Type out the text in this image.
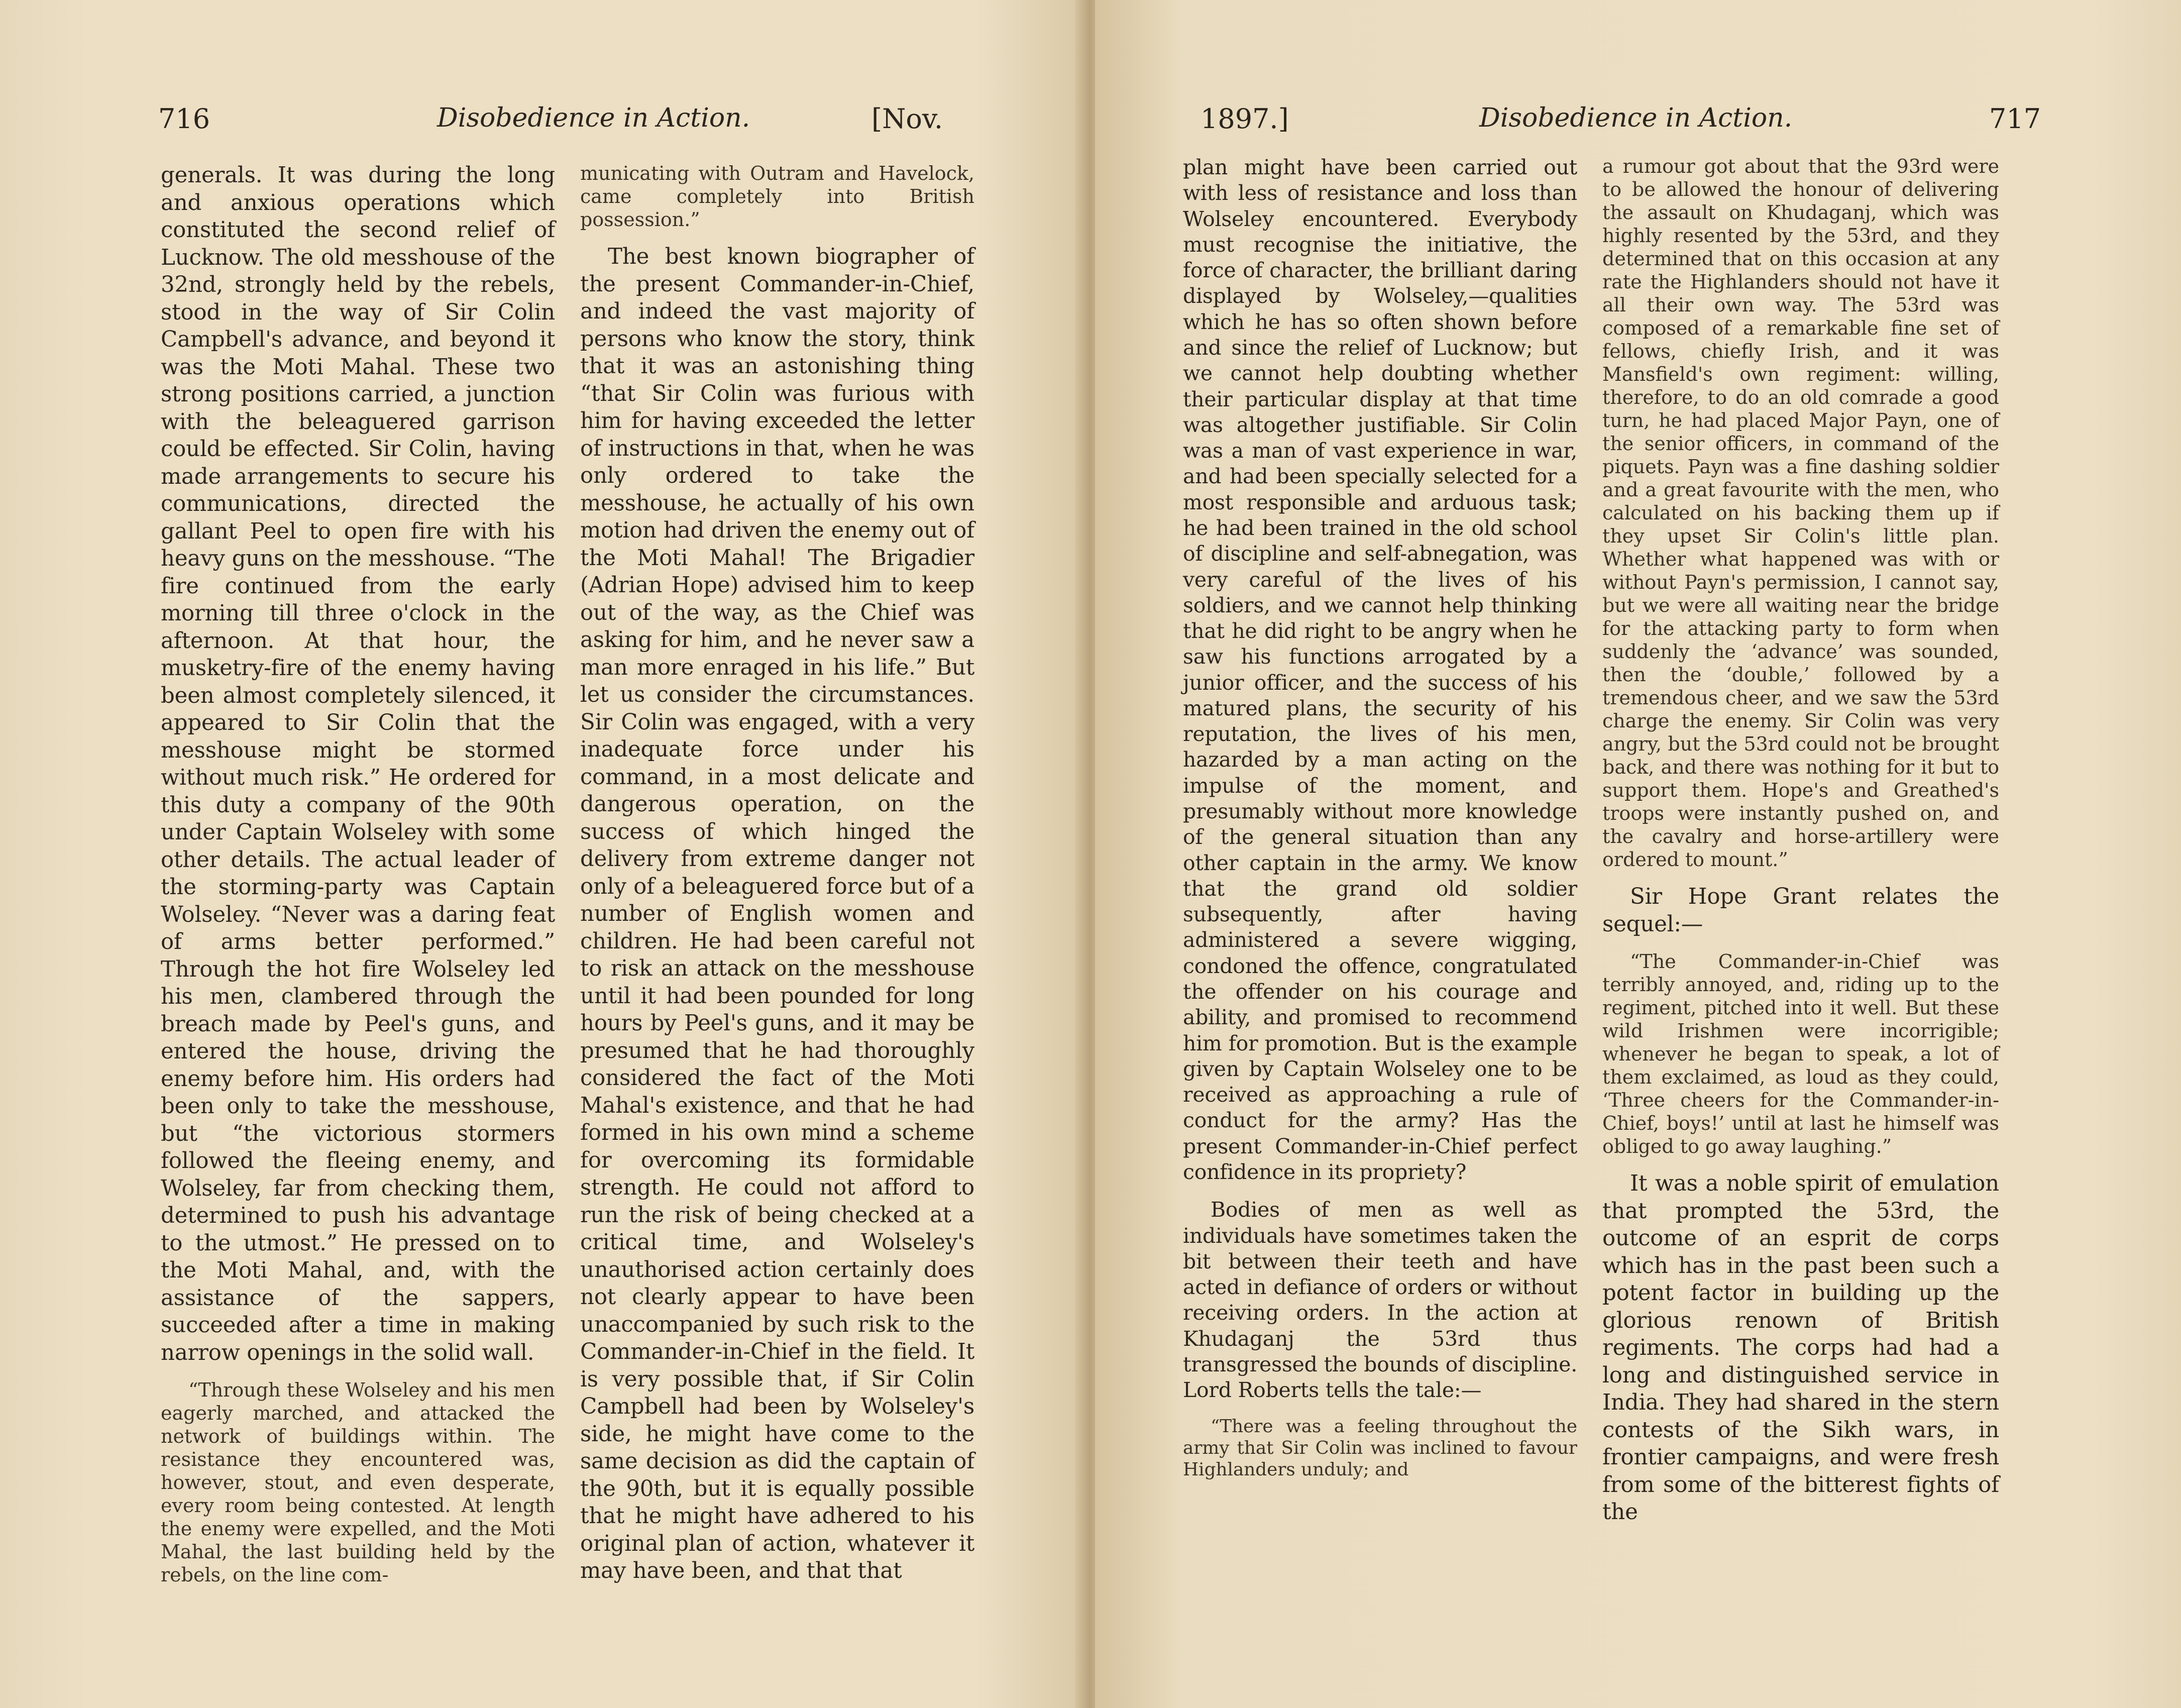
716	Disobedience in Action.	[Nov.

generals. It was during the long and anxious operations which constituted the second relief of Lucknow. The old messhouse of the 32nd, strongly held by the rebels, stood in the way of Sir Colin Campbell's advance, and beyond it was the Moti Mahal. These two strong positions carried, a junction with the beleaguered garrison could be effected. Sir Colin, having made arrangements to secure his communications, directed the gallant Peel to open fire with his heavy guns on the messhouse. “The fire continued from the early morning till three o'clock in the afternoon. At that hour, the musketry-fire of the enemy having been almost completely silenced, it appeared to Sir Colin that the messhouse might be stormed without much risk.” He ordered for this duty a company of the 90th under Captain Wolseley with some other details. The actual leader of the storming-party was Captain Wolseley. “Never was a daring feat of arms better performed.” Through the hot fire Wolseley led his men, clambered through the breach made by Peel's guns, and entered the house, driving the enemy before him. His orders had been only to take the messhouse, but “the victorious stormers followed the fleeing enemy, and Wolseley, far from checking them, determined to push his advantage to the utmost.” He pressed on to the Moti Mahal, and, with the assistance of the sappers, succeeded after a time in making narrow openings in the solid wall.

“Through these Wolseley and his men eagerly marched, and attacked the network of buildings within. The resistance they encountered was, however, stout, and even desperate, every room being contested. At length the enemy were expelled, and the Moti Mahal, the last building held by the rebels, on the line com-

municating with Outram and Havelock, came completely into British possession.”

The best known biographer of the present Commander-in-Chief, and indeed the vast majority of persons who know the story, think that it was an astonishing thing “that Sir Colin was furious with him for having exceeded the letter of instructions in that, when he was only ordered to take the messhouse, he actually of his own motion had driven the enemy out of the Moti Mahal! The Brigadier (Adrian Hope) advised him to keep out of the way, as the Chief was asking for him, and he never saw a man more enraged in his life.” But let us consider the circumstances. Sir Colin was engaged, with a very inadequate force under his command, in a most delicate and dangerous operation, on the success of which hinged the delivery from extreme danger not only of a beleaguered force but of a number of English women and children. He had been careful not to risk an attack on the messhouse until it had been pounded for long hours by Peel's guns, and it may be presumed that he had thoroughly considered the fact of the Moti Mahal's existence, and that he had formed in his own mind a scheme for overcoming its formidable strength. He could not afford to run the risk of being checked at a critical time, and Wolseley's unauthorised action certainly does not clearly appear to have been unaccompanied by such risk to the Commander-in-Chief in the field. It is very possible that, if Sir Colin Campbell had been by Wolseley's side, he might have come to the same decision as did the captain of the 90th, but it is equally possible that he might have adhered to his original plan of action, whatever it may have been, and that that

1897.]	Disobedience in Action.	717

plan might have been carried out with less of resistance and loss than Wolseley encountered. Everybody must recognise the initiative, the force of character, the brilliant daring displayed by Wolseley,—qualities which he has so often shown before and since the relief of Lucknow; but we cannot help doubting whether their particular display at that time was altogether justifiable. Sir Colin was a man of vast experience in war, and had been specially selected for a most responsible and arduous task; he had been trained in the old school of discipline and self-abnegation, was very careful of the lives of his soldiers, and we cannot help thinking that he did right to be angry when he saw his functions arrogated by a junior officer, and the success of his matured plans, the security of his reputation, the lives of his men, hazarded by a man acting on the impulse of the moment, and presumably without more knowledge of the general situation than any other captain in the army. We know that the grand old soldier subsequently, after having administered a severe wigging, condoned the offence, congratulated the offender on his courage and ability, and promised to recommend him for promotion. But is the example given by Captain Wolseley one to be received as approaching a rule of conduct for the army? Has the present Commander-in-Chief perfect confidence in its propriety?

Bodies of men as well as individuals have sometimes taken the bit between their teeth and have acted in defiance of orders or without receiving orders. In the action at Khudaganj the 53rd thus transgressed the bounds of discipline. Lord Roberts tells the tale:—

“There was a feeling throughout the army that Sir Colin was inclined to favour Highlanders unduly; and

a rumour got about that the 93rd were to be allowed the honour of delivering the assault on Khudaganj, which was highly resented by the 53rd, and they determined that on this occasion at any rate the Highlanders should not have it all their own way. The 53rd was composed of a remarkable fine set of fellows, chiefly Irish, and it was Mansfield's own regiment: willing, therefore, to do an old comrade a good turn, he had placed Major Payn, one of the senior officers, in command of the piquets. Payn was a fine dashing soldier and a great favourite with the men, who calculated on his backing them up if they upset Sir Colin's little plan. Whether what happened was with or without Payn's permission, I cannot say, but we were all waiting near the bridge for the attacking party to form when suddenly the ‘advance’ was sounded, then the ‘double,’ followed by a tremendous cheer, and we saw the 53rd charge the enemy. Sir Colin was very angry, but the 53rd could not be brought back, and there was nothing for it but to support them. Hope's and Greathed's troops were instantly pushed on, and the cavalry and horse-artillery were ordered to mount.”

Sir Hope Grant relates the sequel:—

“The Commander-in-Chief was terribly annoyed, and, riding up to the regiment, pitched into it well. But these wild Irishmen were incorrigible; whenever he began to speak, a lot of them exclaimed, as loud as they could, ‘Three cheers for the Commander-in-Chief, boys!’ until at last he himself was obliged to go away laughing.”

It was a noble spirit of emulation that prompted the 53rd, the outcome of an esprit de corps which has in the past been such a potent factor in building up the glorious renown of British regiments. The corps had had a long and distinguished service in India. They had shared in the stern contests of the Sikh wars, in frontier campaigns, and were fresh from some of the bitterest fights of the
